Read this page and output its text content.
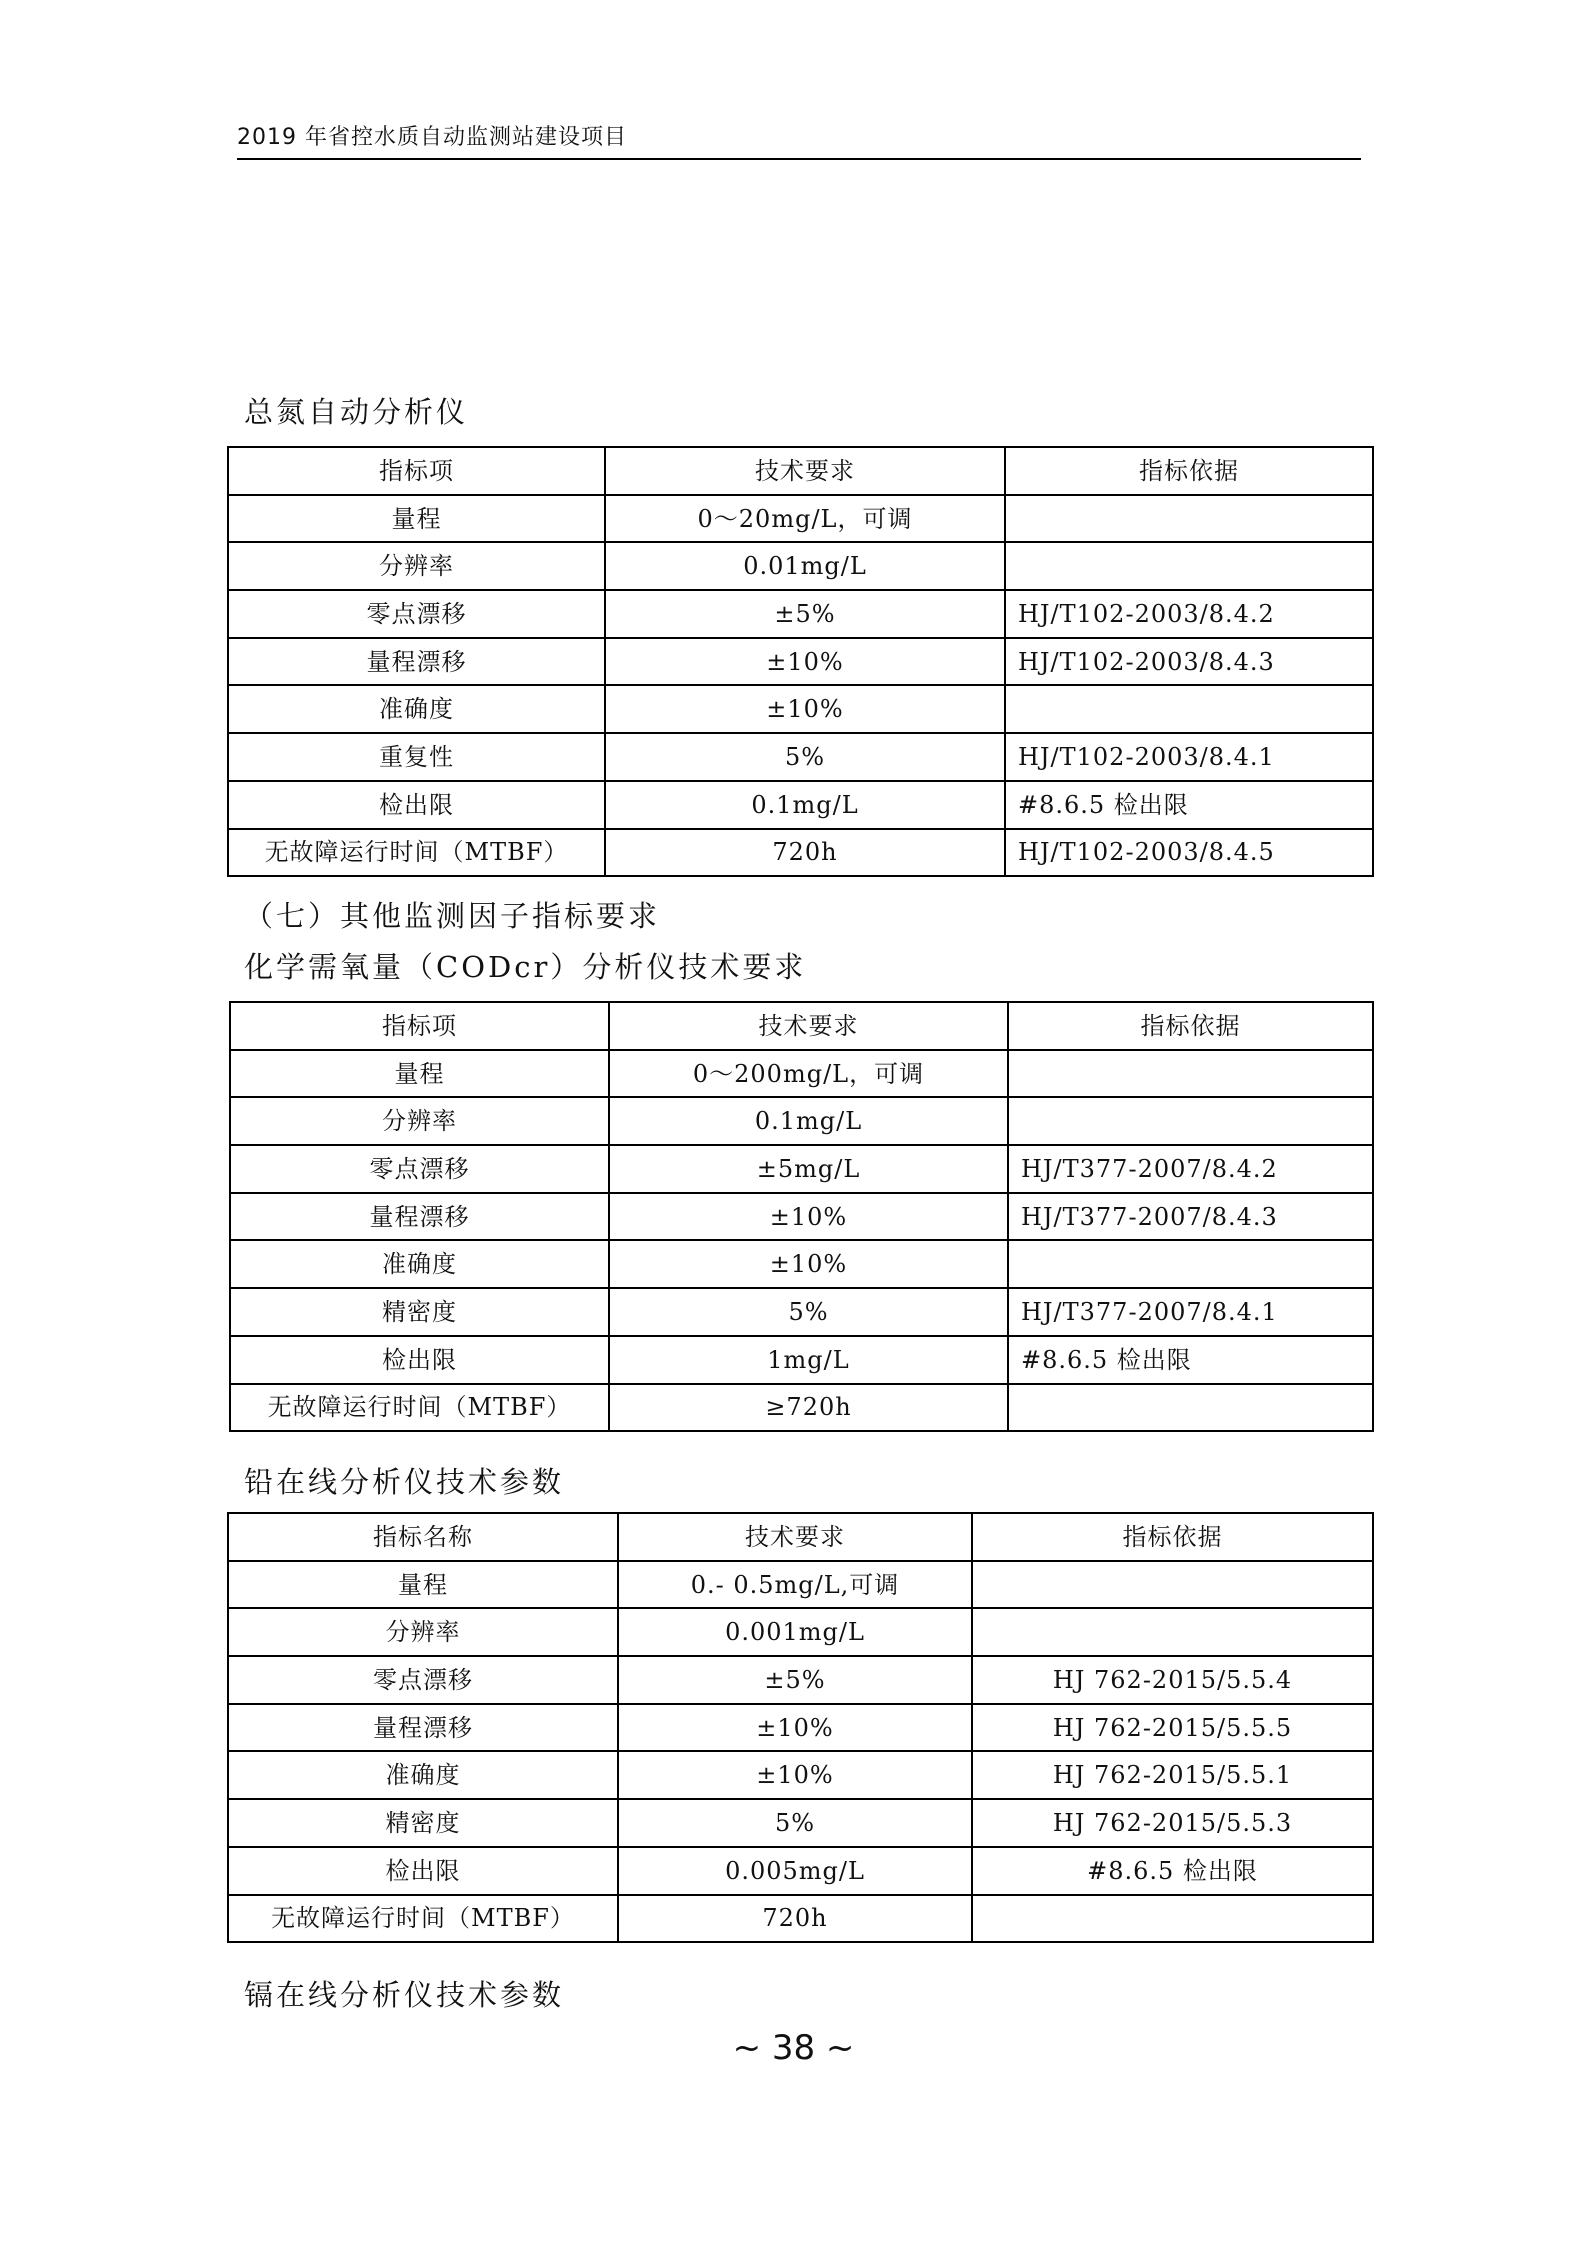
2019 年省控水质自动监测站建设项目
总氮自动分析仪
指标项	技术要求	指标依据
量程	0～20mg/L，可调	
分辨率	0.01mg/L	
零点漂移	±5%	HJ/T102-2003/8.4.2
量程漂移	±10%	HJ/T102-2003/8.4.3
准确度	±10%	
重复性	5%	HJ/T102-2003/8.4.1
检出限	0.1mg/L	#8.6.5 检出限
无故障运行时间（MTBF）	720h	HJ/T102-2003/8.4.5
（七）其他监测因子指标要求
化学需氧量（CODcr）分析仪技术要求
指标项	技术要求	指标依据
量程	0～200mg/L，可调	
分辨率	0.1mg/L	
零点漂移	±5mg/L	HJ/T377-2007/8.4.2
量程漂移	±10%	HJ/T377-2007/8.4.3
准确度	±10%	
精密度	5%	HJ/T377-2007/8.4.1
检出限	1mg/L	#8.6.5 检出限
无故障运行时间（MTBF）	≥720h	
铅在线分析仪技术参数
指标名称	技术要求	指标依据
量程	0.- 0.5mg/L,可调	
分辨率	0.001mg/L	
零点漂移	±5%	HJ 762-2015/5.5.4
量程漂移	±10%	HJ 762-2015/5.5.5
准确度	±10%	HJ 762-2015/5.5.1
精密度	5%	HJ 762-2015/5.5.3
检出限	0.005mg/L	#8.6.5 检出限
无故障运行时间（MTBF）	720h	
镉在线分析仪技术参数
~ 38 ~
